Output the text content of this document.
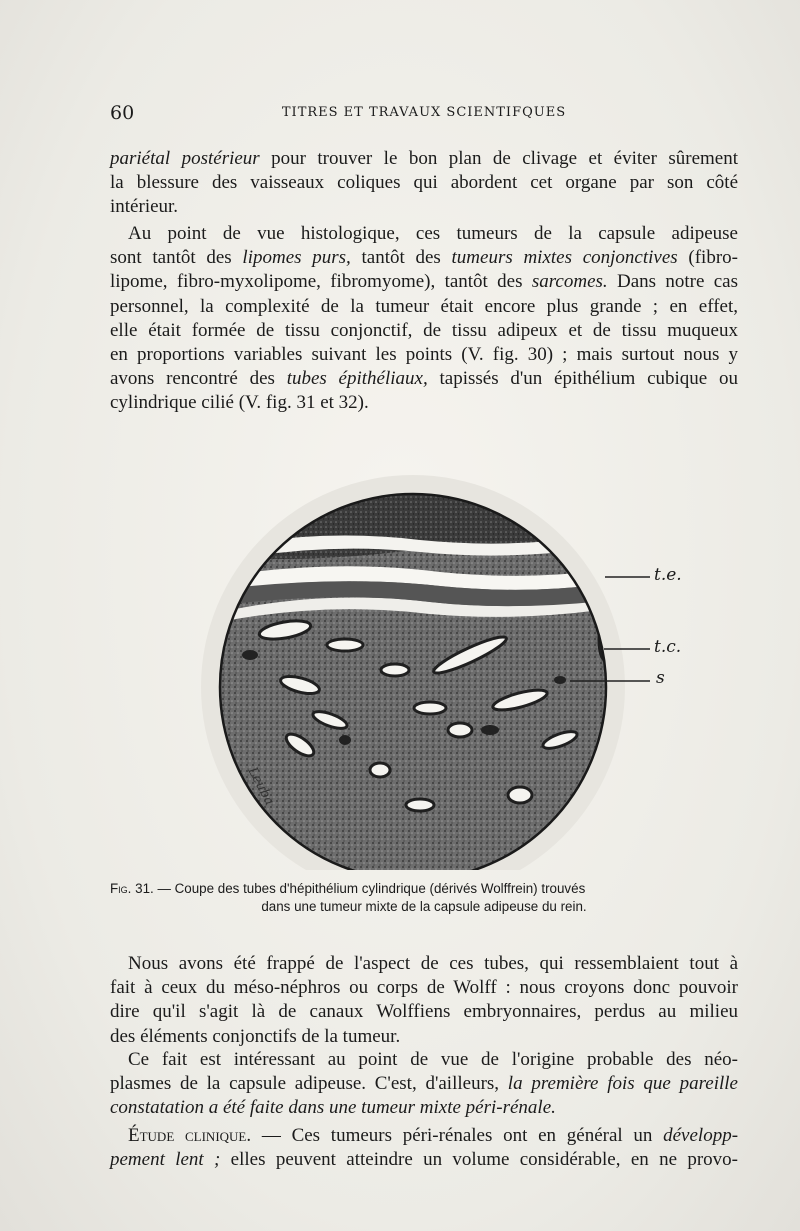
60	TITRES ET TRAVAUX SCIENTIFQUES

pariétal postérieur pour trouver le bon plan de clivage et éviter sûrement
la blessure des vaisseaux coliques qui abordent cet organe par son côté
intérieur.

Au point de vue histologique, ces tumeurs de la capsule adipeuse
sont tantôt des lipomes purs, tantôt des tumeurs mixtes conjonctives (fibro-
lipome, fibro-myxolipome, fibromyome), tantôt des sarcomes. Dans notre cas
personnel, la complexité de la tumeur était encore plus grande ; en effet,
elle était formée de tissu conjonctif, de tissu adipeux et de tissu muqueux
en proportions variables suivant les points (V. fig. 30) ; mais surtout nous y
avons rencontré des tubes épithéliaux, tapissés d'un épithélium cubique ou
cylindrique cilié (V. fig. 31 et 32).

Leuba
t.e.
t.c.
s
Fig. 31. — Coupe des tubes d'hépithélium cylindrique (dérivés Wolffrein) trouvés
dans une tumeur mixte de la capsule adipeuse du rein.

Nous avons été frappé de l'aspect de ces tubes, qui ressemblaient tout à
fait à ceux du méso-néphros ou corps de Wolff : nous croyons donc pouvoir
dire qu'il s'agit là de canaux Wolffiens embryonnaires, perdus au milieu
des éléments conjonctifs de la tumeur.

Ce fait est intéressant au point de vue de l'origine probable des néo-
plasmes de la capsule adipeuse. C'est, d'ailleurs, la première fois que pareille
constatation a été faite dans une tumeur mixte péri-rénale.

Étude clinique. — Ces tumeurs péri-rénales ont en général un développ-
pement lent ; elles peuvent atteindre un volume considérable, en ne provo-
